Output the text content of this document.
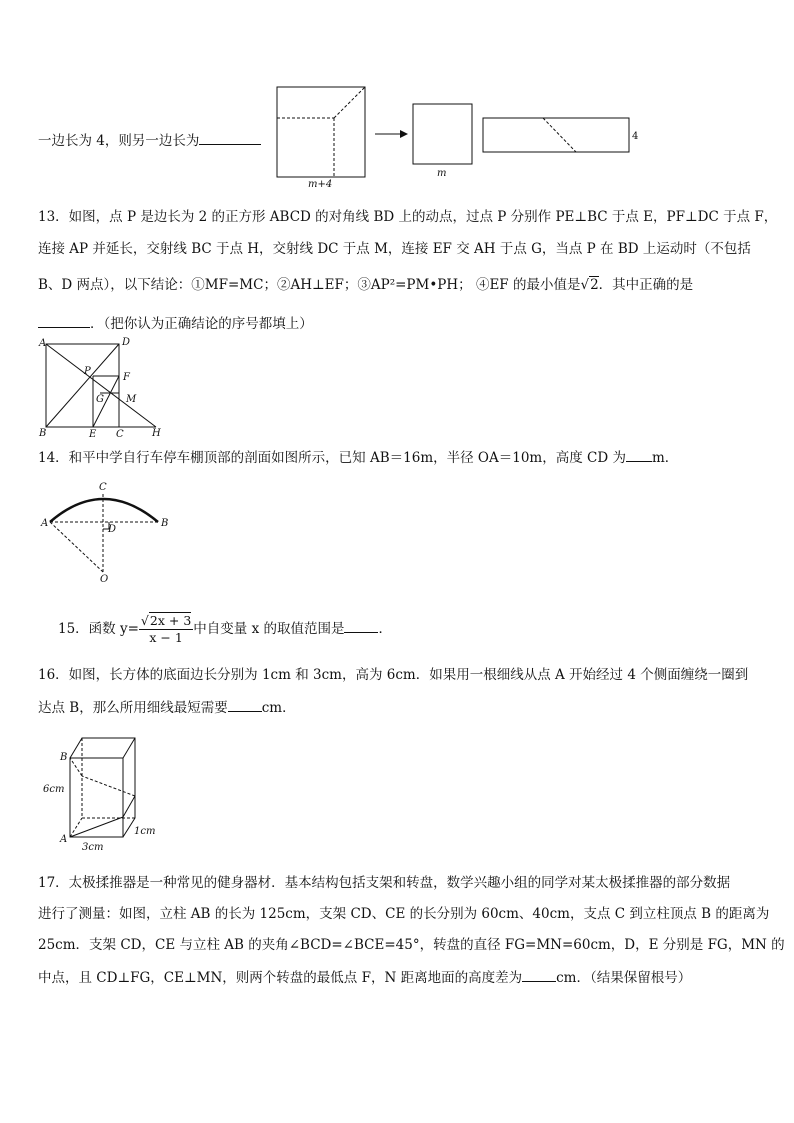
一边长为 4，则另一边长为
m+4
m
4
13．如图，点 P 是边长为 2 的正方形 ABCD 的对角线 BD 上的动点，过点 P 分别作 PE⊥BC 于点 E，PF⊥DC 于点 F，
连接 AP 并延长，交射线 BC 于点 H，交射线 DC 于点 M，连接 EF 交 AH 于点 G，当点 P 在 BD 上运动时（不包括
B、D 两点），以下结论：①MF=MC；②AH⊥EF；③AP²=PM•PH； ④EF 的最小值是√2．其中正确的是
．（把你认为正确结论的序号都填上）
A	D
B	C
E
F
G
H
M
P
14．和平中学自行车停车棚顶部的剖面如图所示，已知 AB＝16m，半径 OA＝10m，高度 CD 为 m．
A	B
C
D
O
15．函数 $y= \frac{√2x + 3}{x - 1}$ 中自变量 x 的取值范围是	．
16．如图，长方体的底面边长分别为 1cm 和 3cm，高为 6cm．如果用一根细线从点 A 开始经过 4 个侧面缠绕一圈到
达点 B，那么所用细线最短需要	cm．
B
A
6cm
1cm
3cm
17．太极揉推器是一种常见的健身器材．基本结构包括支架和转盘，数学兴趣小组的同学对某太极揉推器的部分数据
进行了测量：如图，立柱 AB 的长为 125cm，支架 CD、CE 的长分别为 60cm、40cm，支点 C 到立柱顶点 B 的距离为
25cm．支架 CD，CE 与立柱 AB 的夹角∠BCD=∠BCE=45°，转盘的直径 FG=MN=60cm，D，E 分别是 FG，MN 的
中点，且 CD⊥FG，CE⊥MN，则两个转盘的最低点 F，N 距离地面的高度差为	cm．（结果保留根号）
